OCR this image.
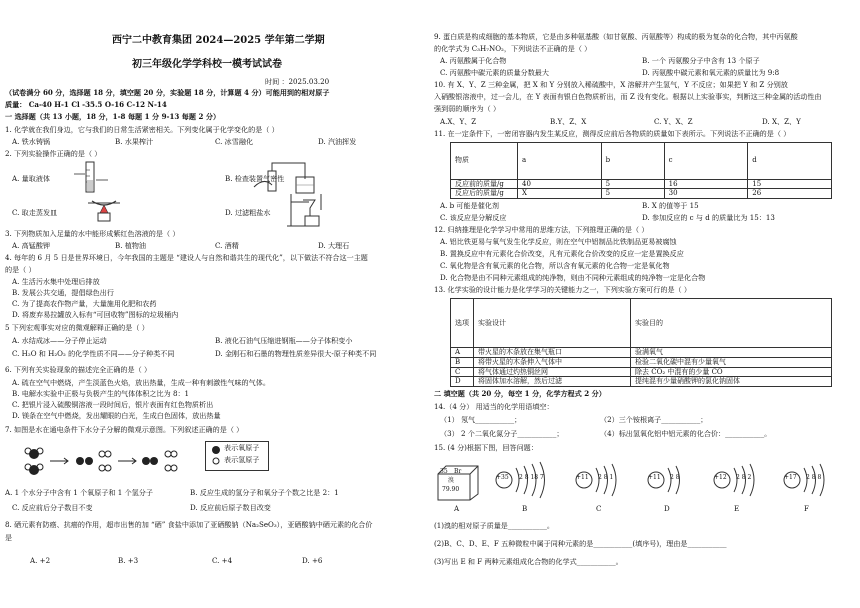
西宁二中教育集团 2024—2025 学年第二学期
初三年级化学学科校一模考试试卷
时间 ：2025.03.20
（试卷满分 60 分，选择题 18 分，填空题 20 分，实验题 18 分，计算题 4 分）可能用到的相对原子
质量： Ca-40 H-1 Cl -35.5 O-16 C-12 N-14
一 选择题（共 13 小题，18 分，1-8 每题 1 分 9-13 每题 2 分）
1. 化学就在我们身边，它与我们的日常生活紧密相关。下列变化属于化学变化的是（ ）
A. 铁水铸锅	B. 水果榨汁	C. 冰雪融化	D. 汽油挥发
2. 下列实验操作正确的是（ ）
A. 量取液体	B. 检查装置气密性
C. 取走蒸发皿	D. 过滤粗盐水
3. 下列物质加入足量的水中能形成紫红色溶液的是（ ）
A. 高锰酸钾	B. 植物油	C. 酒精	D. 大理石
4. 每年的 6 月 5 日是世界环境日，今年我国的主题是 “建设人与自然和谐共生的现代化”，以下做法不符合这一主题
的是（ ）
A. 生活污水集中处理后排放
B. 发展公共交通，提倡绿色出行
C. 为了提高农作物产量，大量施用化肥和农药
D. 将废弃易拉罐放入标有“可回收物”图标的垃圾桶内
5 下列宏观事实对应的微观解释正确的是（ ）
A. 水结成冰——分子停止运动	B. 液化石油气压缩进钢瓶——分子体积变小
C. H₂O 和 H₂O₂ 的化学性质不同——分子种类不同	D. 金刚石和石墨的物理性质差异很大-原子种类不同
6. 下列有关实验现象的描述完全正确的是（ ）
A. 硫在空气中燃烧，产生淡蓝色火焰，放出热量，生成一种有刺激性气味的气体。
B. 电解水实验中正极与负极产生的气体体积之比为 8：1
C. 把银片浸入硫酸铜溶液一段时间后，银片表面有红色物质析出
D. 镁条在空气中燃烧，发出耀眼的白光，生成白色固体，放出热量
7. 如图是水在通电条件下水分子分解的微观示意图。下列叙述正确的是（ ）
表示氧原子
表示氢原子
A. 1 个水分子中含有 1 个氧原子和 1 个氢分子	B. 反应生成的氢分子和氧分子个数之比是 2：1
C. 反应前后分子数目不变	D. 反应前后原子数目改变
8. 硒元素有防癌、抗癌的作用，超市出售的加 “硒” 食盐中添加了亚硒酸钠（Na₂SeO₃），亚硒酸钠中硒元素的化合价
是
A. +2	B. +3	C. +4	D. +6
9. 蛋白质是构成细胞的基本物质，它是由多种氨基酸（如甘氨酸、丙氨酸等）构成的极为复杂的化合物，其中丙氨酸
的化学式为 C₃H₇NO₂，下列说法不正确的是（ ）
A. 丙氨酸属于化合物	B. 一个 丙氨酸分子中含有 13 个原子
C. 丙氨酸中碳元素的质量分数最大	D. 丙氨酸中碳元素和氧元素的质量比为 9:8
10. 有 X、Y、Z 三种金属，把 X 和 Y 分别放入稀硫酸中，X 溶解并产生氢气，Y 不反应；如果把 Y 和 Z 分别放
入硝酸银溶液中，过一会儿，在 Y 表面有银白色物质析出，而 Z 没有变化。根据以上实验事实，判断这三种金属的活动性由
强到弱的顺序为（ ）
A.X、Y、Z	B.Y、Z、X	C. Y、X、Z	D. X、Z、Y
11. 在一定条件下，一密闭容器内发生某反应，测得反应前后各物质的质量如下表所示。下列说法不正确的是（ ）
物质	a	b	c	d
反应前的质量/g	40	5	16	15
反应后的质量/g	X	5	30	26
A. b 可能是催化剂	B. X 的值等于 15
C. 该反应是分解反应	D. 参加反应的 c 与 d 的质量比为 15：13
12. 归纳推理是化学学习中常用的思维方法，下列推理正确的是（ ）
A. 铝比铁更易与氧气发生化学反应，则在空气中铝制品比铁制品更易被腐蚀
B. 置换反应中有元素化合价改变，凡有元素化合价改变的反应一定是置换反应
C. 氧化物是含有氧元素的化合物，所以含有氧元素的化合物一定是氧化物
D. 化合物是由不同种元素组成的纯净物，则由不同种元素组成的纯净物一定是化合物
13. 化学实验的设计能力是化学学习的关键能力之一，下列实验方案可行的是（ ）
选项	实验设计	实验目的
A	带火星的木条放在集气瓶口	验满氧气
B	将带火星的木条伸入气体中	检验二氧化碳中混有少量氧气
C	将气体通过灼热铜丝网	除去 CO₂ 中混有的少量 CO
D	将固体加水溶解，然后过滤	提纯混有少量硝酸钾的氯化钠固体
二 填空题（共 20 分，每空 1 分，化学方程式 2 分）
14.（4 分） 用适当的化学用语填空：
（1） 氖气___________；	（2）三个铵根离子___________；
（3） 2 个二氧化氮分子___________；	（4）标出氢氧化铝中铝元素的化合价：___________。
15. (4 分)根据下图，回答问题：
35 Br
溴
79.90
+35 2 8 18 7	+11 2 8 1	+11 2 8	+12 2 8 2	+17 2 8 8
A	B	C	D	E	F
(1)溴的相对原子质量是___________。
(2)B、C、D、E、F 五种微粒中属于同种元素的是___________(填序号)，理由是___________
(3)写出 E 和 F 两种元素组成化合物的化学式___________。
